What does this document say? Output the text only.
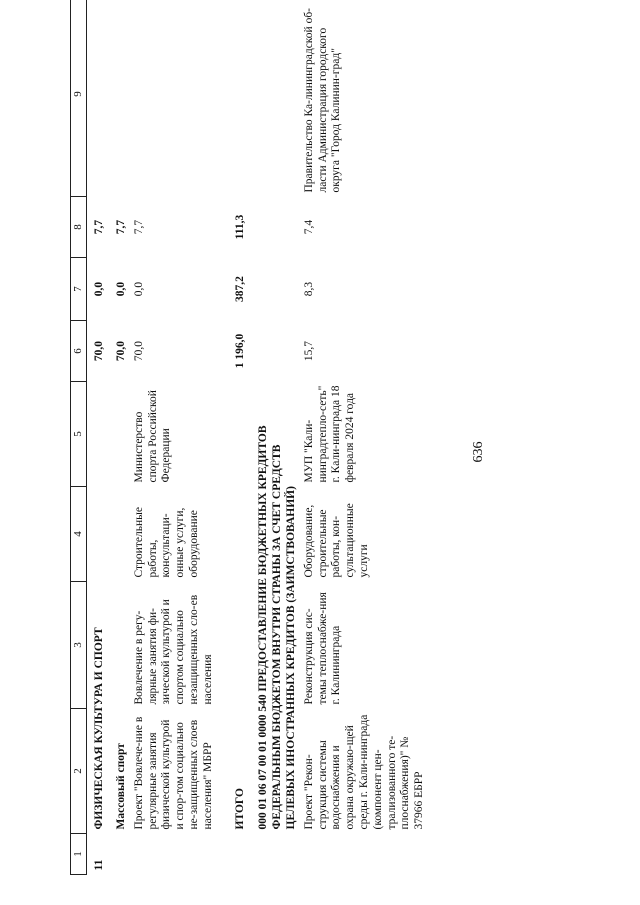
636
1	2	3	4	5	6	7	8	9
11	ФИЗИЧЕСКАЯ КУЛЬТУРА И СПОРТ				70,0	0,0	7,7	
	Массовый спорт				70,0	0,0	7,7	
	Проект "Вовлече-ние в регулярные занятия физической культурой и спор-том социально не-защищенных слоев населения" МБРР	Вовлечение в регу-лярные занятия фи-зической культурой и спортом социально незащищенных сло-ев населения	Строительные работы, консультаци-онные услуги, оборудование	Министерство спорта Российской Федерации	70,0	0,0	7,7	

	ИТОГО				1 196,0	387,2	111,3	
	000 01 06 07 00 01 0000 540 ПРЕДОСТАВЛЕНИЕ БЮДЖЕТНЫХ КРЕДИТОВ ФЕДЕРАЛЬНЫМ БЮДЖЕТОМ ВНУТРИ СТРАНЫ ЗА СЧЕТ СРЕДСТВ ЦЕЛЕВЫХ ИНОСТРАННЫХ КРЕДИТОВ (ЗАИМСТВОВАНИЙ)							
	Проект "Рекон-струкция системы водоснабжения и охрана окружаю-щей среды г. Кали-нинграда (компонент цен-трализованного те-плоснабжения)" № 37966 ЕБРР	Реконструкция сис-темы теплоснабже-ния г. Калининграда	Оборудование, строительные работы, кон-сультационные услуги	МУП "Кали-нинградтепло-сеть" г. Кали-нинграда 18 февраля 2024 года	15,7	8,3	7,4	Правительство Ка-лининградской об-ласти Администрация городского округа "Город Калинин-град"
